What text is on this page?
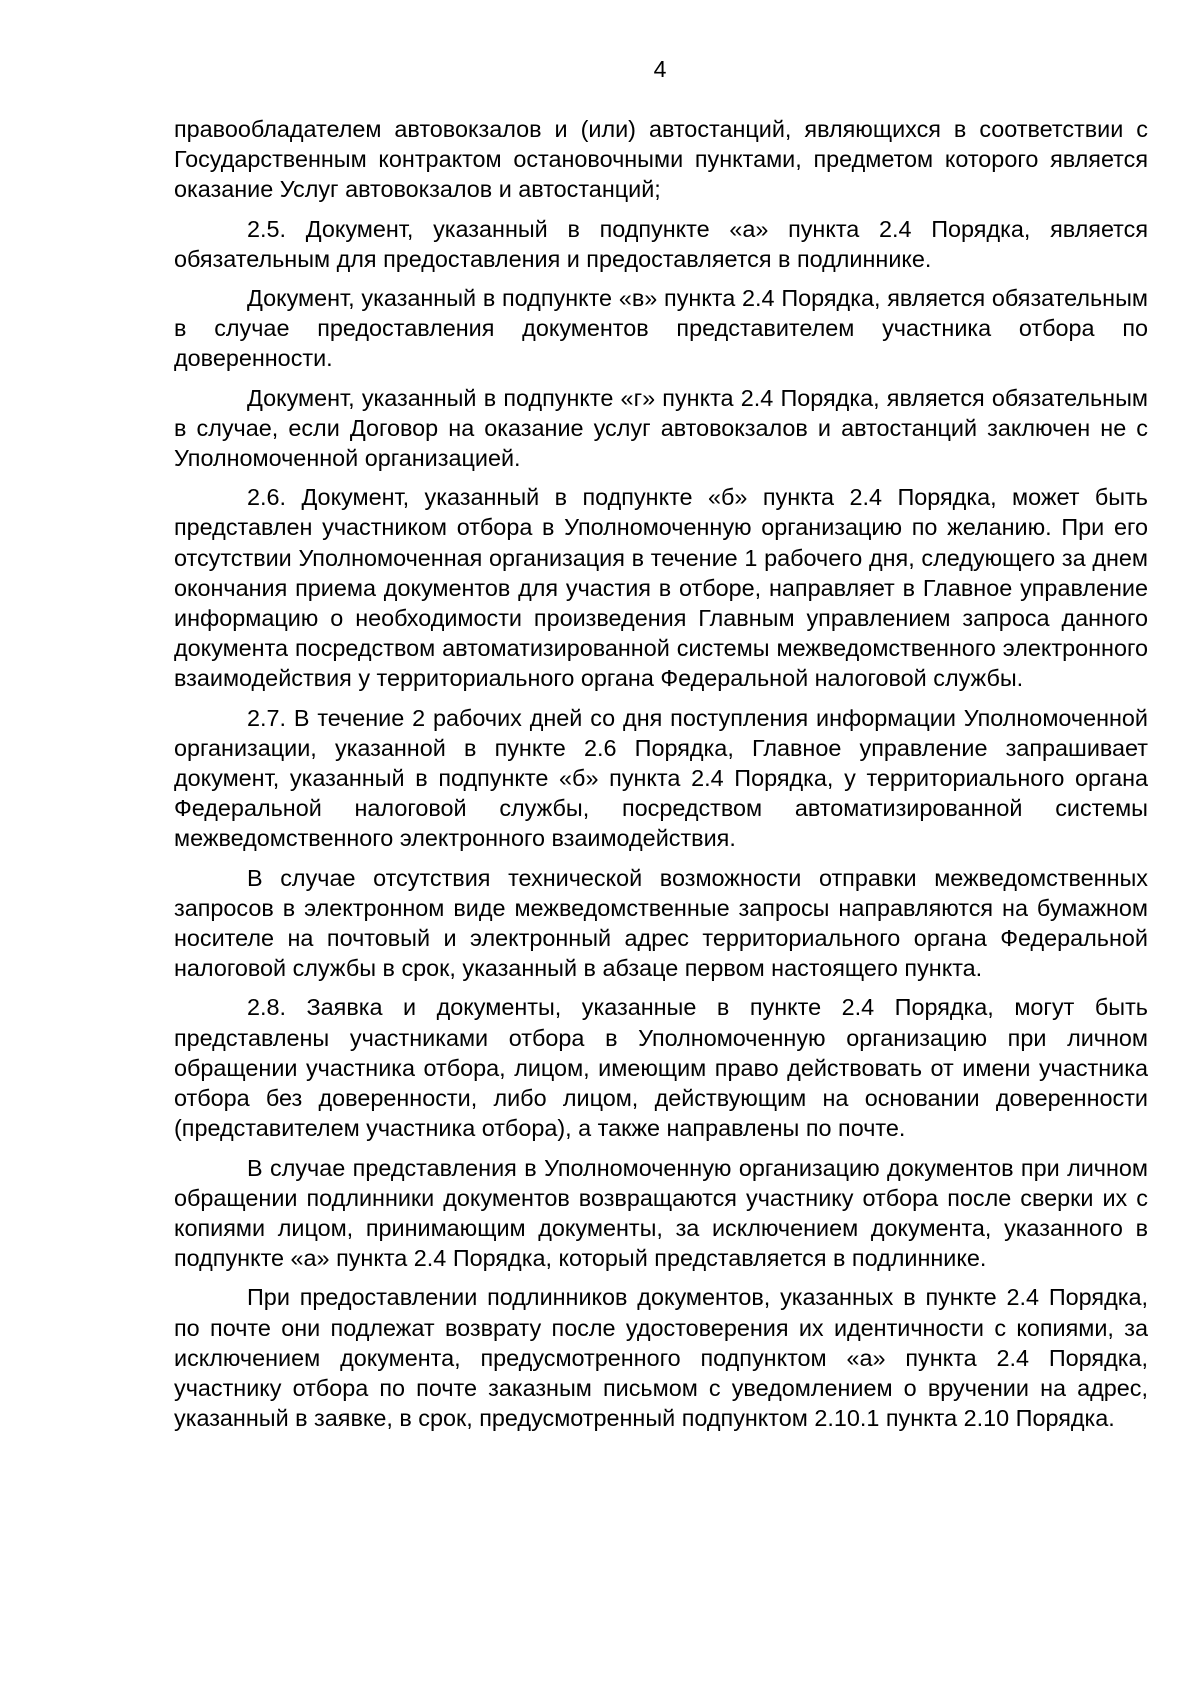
4

правообладателем автовокзалов и (или) автостанций, являющихся в соответствии с Государственным контрактом остановочными пунктами, предметом которого является оказание Услуг автовокзалов и автостанций;

2.5. Документ, указанный в подпункте «а» пункта 2.4 Порядка, является обязательным для предоставления и предоставляется в подлиннике.

Документ, указанный в подпункте «в» пункта 2.4 Порядка, является обязательным в случае предоставления документов представителем участника отбора по доверенности.

Документ, указанный в подпункте «г» пункта 2.4 Порядка, является обязательным в случае, если Договор на оказание услуг автовокзалов и автостанций заключен не с Уполномоченной организацией.

2.6. Документ, указанный в подпункте «б» пункта 2.4 Порядка, может быть представлен участником отбора в Уполномоченную организацию по желанию. При его отсутствии Уполномоченная организация в течение 1 рабочего дня, следующего за днем окончания приема документов для участия в отборе, направляет в Главное управление информацию о необходимости произведения Главным управлением запроса данного документа посредством автоматизированной системы межведомственного электронного взаимодействия у территориального органа Федеральной налоговой службы.

2.7. В течение 2 рабочих дней со дня поступления информации Уполномоченной организации, указанной в пункте 2.6 Порядка, Главное управление запрашивает документ, указанный в подпункте «б» пункта 2.4 Порядка, у территориального органа Федеральной налоговой службы, посредством автоматизированной системы межведомственного электронного взаимодействия.

В случае отсутствия технической возможности отправки межведомственных запросов в электронном виде межведомственные запросы направляются на бумажном носителе на почтовый и электронный адрес территориального органа Федеральной налоговой службы в срок, указанный в абзаце первом настоящего пункта.

2.8. Заявка и документы, указанные в пункте 2.4 Порядка, могут быть представлены участниками отбора в Уполномоченную организацию при личном обращении участника отбора, лицом, имеющим право действовать от имени участника отбора без доверенности, либо лицом, действующим на основании доверенности (представителем участника отбора), а также направлены по почте.

В случае представления в Уполномоченную организацию документов при личном обращении подлинники документов возвращаются участнику отбора после сверки их с копиями лицом, принимающим документы, за исключением документа, указанного в подпункте «а» пункта 2.4 Порядка, который представляется в подлиннике.

При предоставлении подлинников документов, указанных в пункте 2.4 Порядка, по почте они подлежат возврату после удостоверения их идентичности с копиями, за исключением документа, предусмотренного подпунктом «а» пункта 2.4 Порядка, участнику отбора по почте заказным письмом с уведомлением о вручении на адрес, указанный в заявке, в срок, предусмотренный подпунктом 2.10.1 пункта 2.10 Порядка.
